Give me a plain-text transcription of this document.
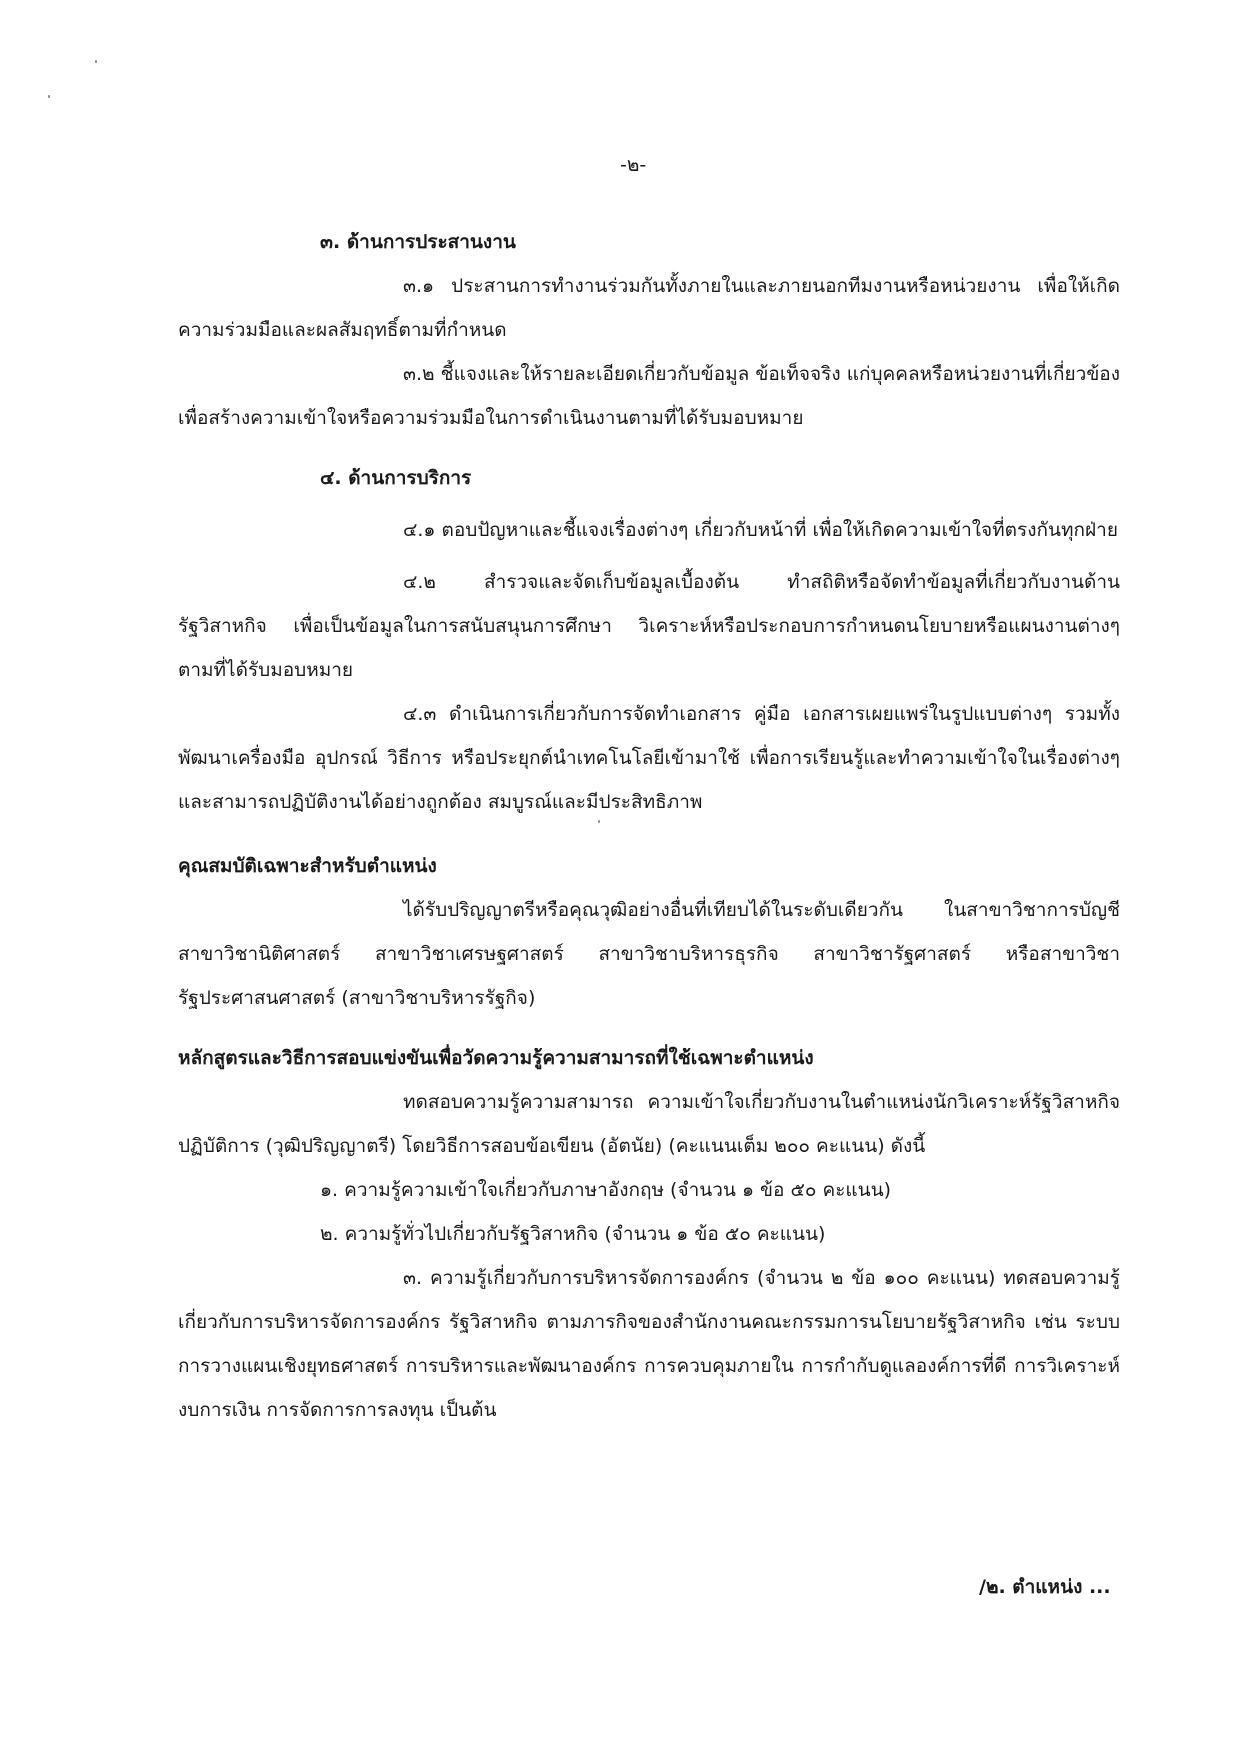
-๒-

๓. ด้านการประสานงาน

๓.๑ ประสานการทำงานร่วมกันทั้งภายในและภายนอกทีมงานหรือหน่วยงาน เพื่อให้เกิดความร่วมมือและผลสัมฤทธิ์ตามที่กำหนด

๓.๒ ชี้แจงและให้รายละเอียดเกี่ยวกับข้อมูล ข้อเท็จจริง แก่บุคคลหรือหน่วยงานที่เกี่ยวข้อง เพื่อสร้างความเข้าใจหรือความร่วมมือในการดำเนินงานตามที่ได้รับมอบหมาย

๔. ด้านการบริการ

๔.๑ ตอบปัญหาและชี้แจงเรื่องต่างๆ เกี่ยวกับหน้าที่ เพื่อให้เกิดความเข้าใจที่ตรงกันทุกฝ่าย

๔.๒ สำรวจและจัดเก็บข้อมูลเบื้องต้น ทำสถิติหรือจัดทำข้อมูลที่เกี่ยวกับงานด้านรัฐวิสาหกิจ เพื่อเป็นข้อมูลในการสนับสนุนการศึกษา วิเคราะห์หรือประกอบการกำหนดนโยบายหรือแผนงานต่างๆ ตามที่ได้รับมอบหมาย

๔.๓ ดำเนินการเกี่ยวกับการจัดทำเอกสาร คู่มือ เอกสารเผยแพร่ในรูปแบบต่างๆ รวมทั้งพัฒนาเครื่องมือ อุปกรณ์ วิธีการ หรือประยุกต์นำเทคโนโลยีเข้ามาใช้ เพื่อการเรียนรู้และทำความเข้าใจในเรื่องต่างๆ และสามารถปฏิบัติงานได้อย่างถูกต้อง สมบูรณ์และมีประสิทธิภาพ

คุณสมบัติเฉพาะสำหรับตำแหน่ง

ได้รับปริญญาตรีหรือคุณวุฒิอย่างอื่นที่เทียบได้ในระดับเดียวกัน ในสาขาวิชาการบัญชี สาขาวิชานิติศาสตร์ สาขาวิชาเศรษฐศาสตร์ สาขาวิชาบริหารธุรกิจ สาขาวิชารัฐศาสตร์ หรือสาขาวิชารัฐประศาสนศาสตร์ (สาขาวิชาบริหารรัฐกิจ)

หลักสูตรและวิธีการสอบแข่งขันเพื่อวัดความรู้ความสามารถที่ใช้เฉพาะตำแหน่ง

ทดสอบความรู้ความสามารถ ความเข้าใจเกี่ยวกับงานในตำแหน่งนักวิเคราะห์รัฐวิสาหกิจปฏิบัติการ (วุฒิปริญญาตรี) โดยวิธีการสอบข้อเขียน (อัตนัย) (คะแนนเต็ม ๒๐๐ คะแนน) ดังนี้

๑. ความรู้ความเข้าใจเกี่ยวกับภาษาอังกฤษ (จำนวน ๑ ข้อ ๕๐ คะแนน)

๒. ความรู้ทั่วไปเกี่ยวกับรัฐวิสาหกิจ (จำนวน ๑ ข้อ ๕๐ คะแนน)

๓. ความรู้เกี่ยวกับการบริหารจัดการองค์กร (จำนวน ๒ ข้อ ๑๐๐ คะแนน) ทดสอบความรู้เกี่ยวกับการบริหารจัดการองค์กร รัฐวิสาหกิจ ตามภารกิจของสำนักงานคณะกรรมการนโยบายรัฐวิสาหกิจ เช่น ระบบการวางแผนเชิงยุทธศาสตร์ การบริหารและพัฒนาองค์กร การควบคุมภายใน การกำกับดูแลองค์การที่ดี การวิเคราะห์งบการเงิน การจัดการการลงทุน เป็นต้น

/๒. ตำแหน่ง ...
